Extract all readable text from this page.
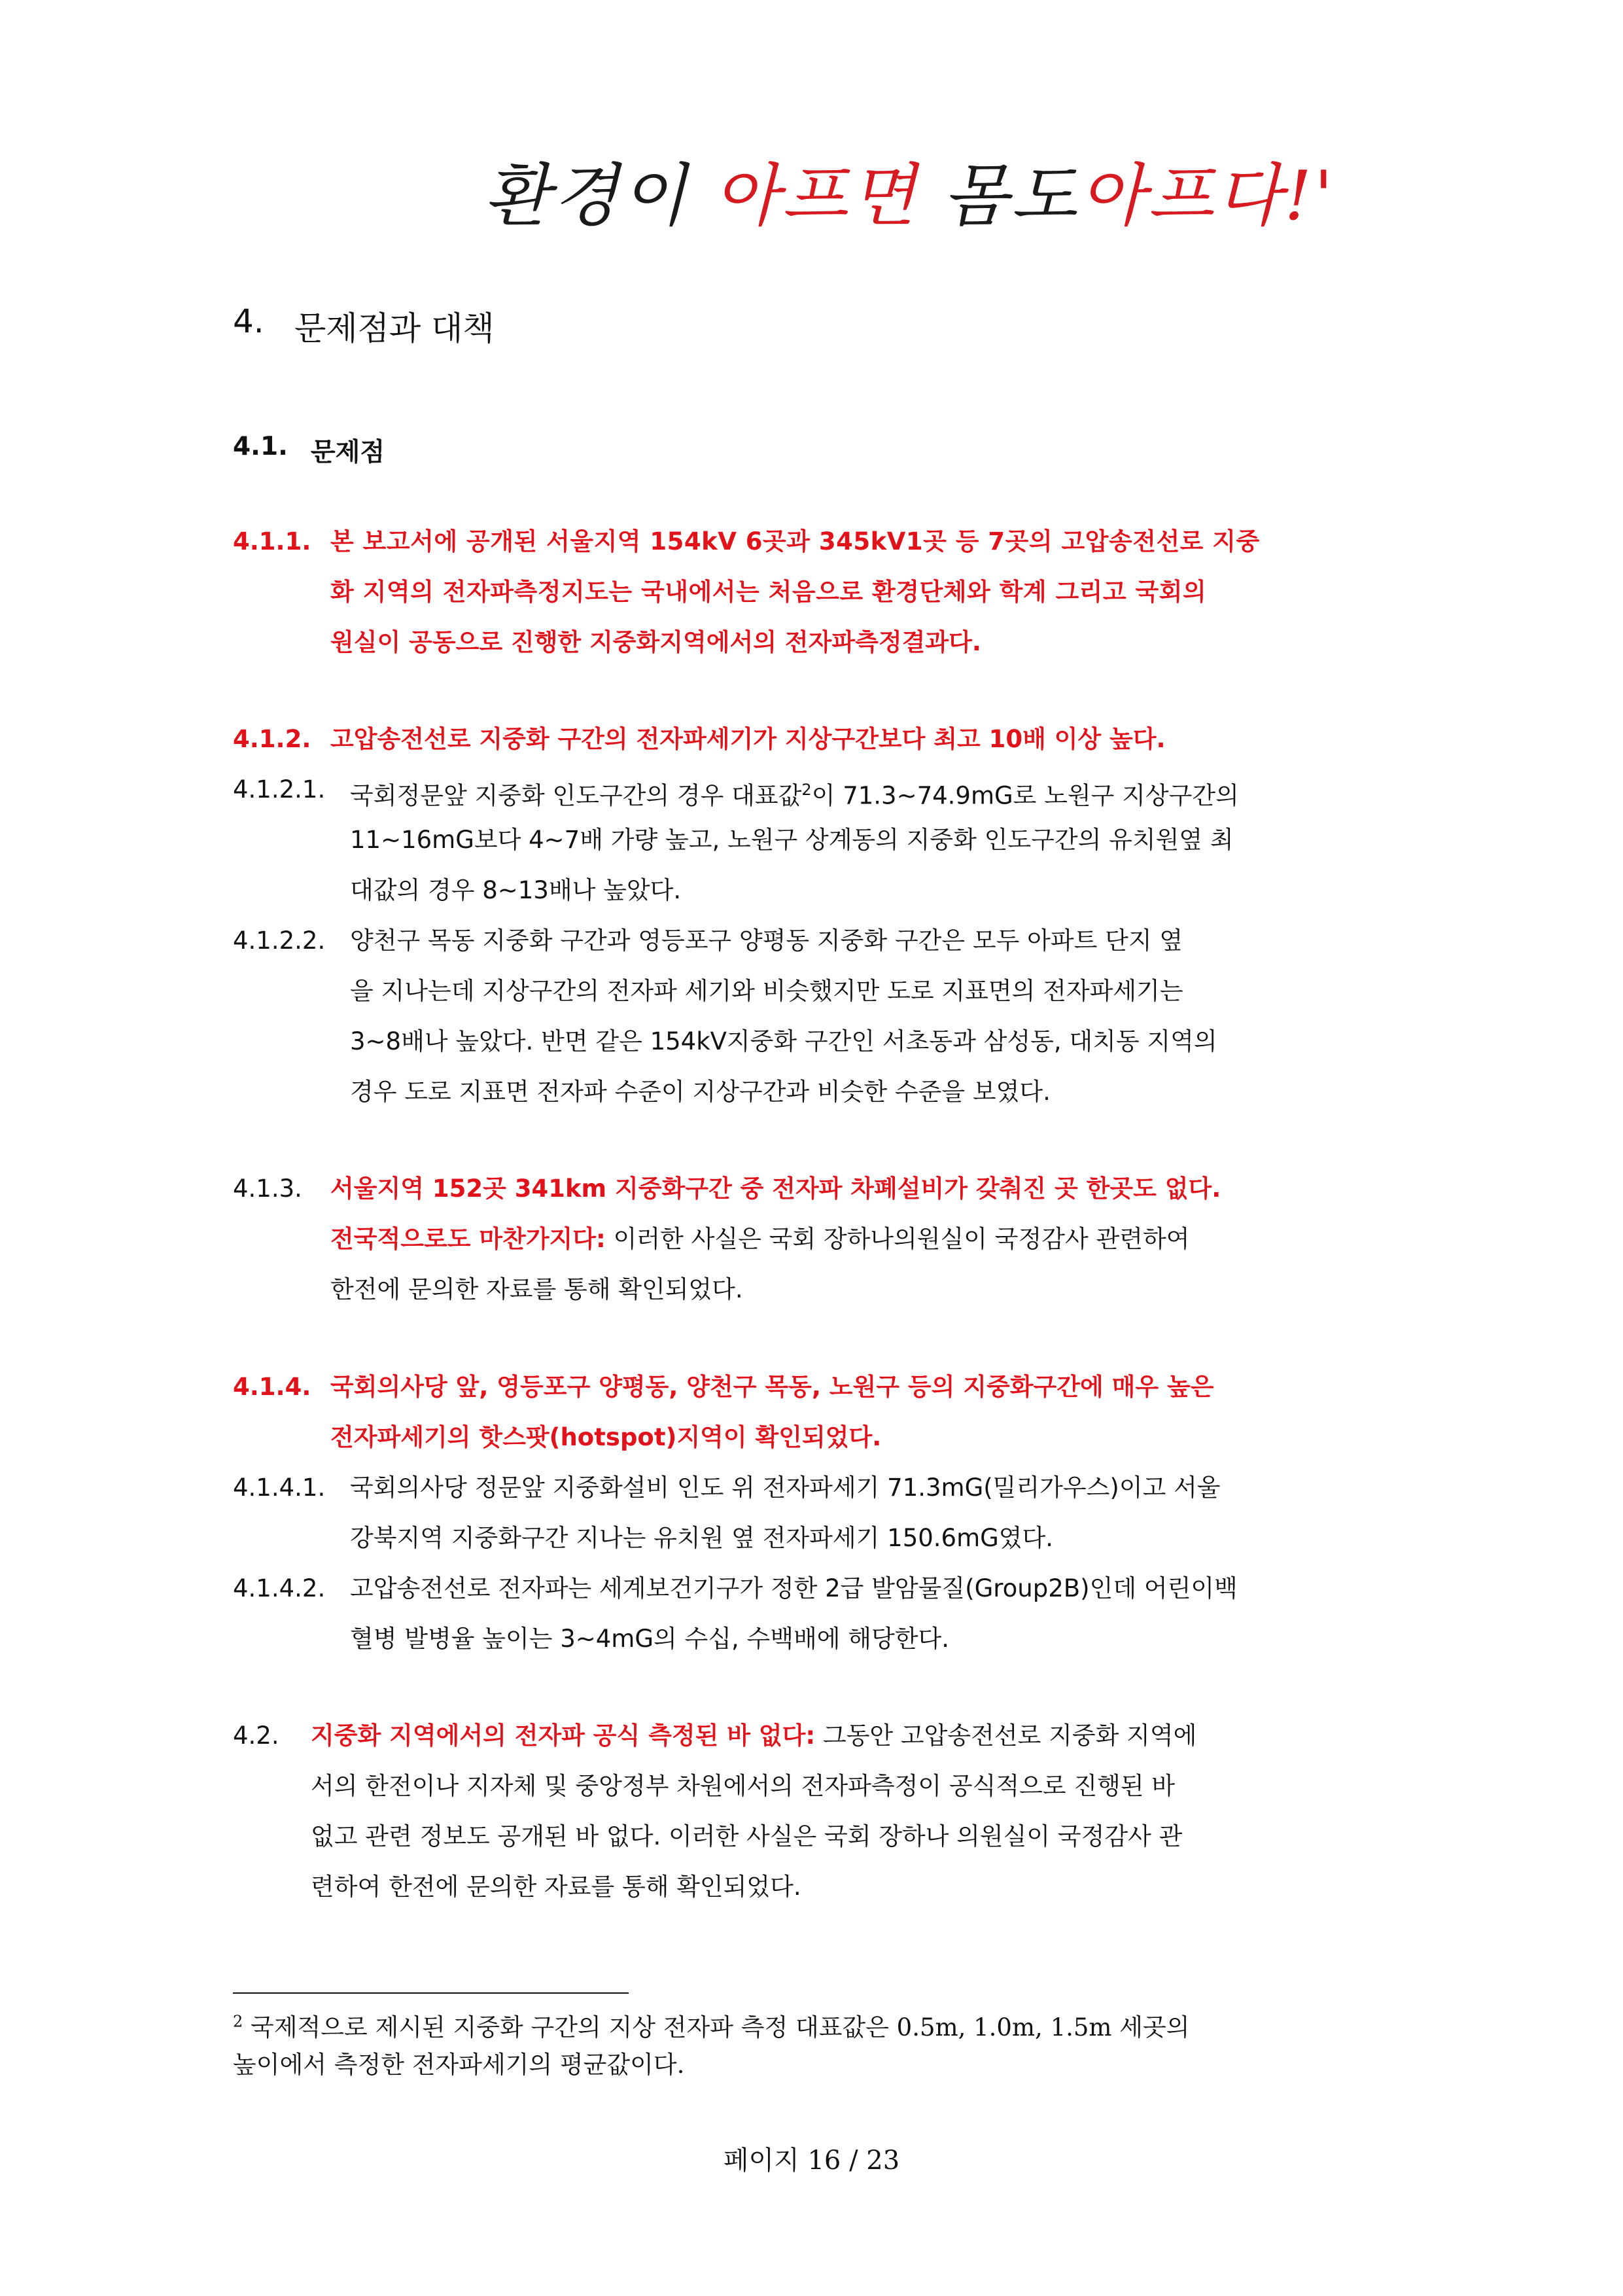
환경이 아프면 몸도아프다!'
4. 문제점과 대책
4.1. 문제점
4.1.1. 본 보고서에 공개된 서울지역 154kV 6곳과 345kV1곳 등 7곳의 고압송전선로 지중
화 지역의 전자파측정지도는 국내에서는 처음으로 환경단체와 학계 그리고 국회의
원실이 공동으로 진행한 지중화지역에서의 전자파측정결과다.
4.1.2. 고압송전선로 지중화 구간의 전자파세기가 지상구간보다 최고 10배 이상 높다.
4.1.2.1. 국회정문앞 지중화 인도구간의 경우 대표값$^2$이 71.3~74.9mG로 노원구 지상구간의
11~16mG보다 4~7배 가량 높고, 노원구 상계동의 지중화 인도구간의 유치원옆 최
대값의 경우 8~13배나 높았다.
4.1.2.2. 양천구 목동 지중화 구간과 영등포구 양평동 지중화 구간은 모두 아파트 단지 옆
을 지나는데 지상구간의 전자파 세기와 비슷했지만 도로 지표면의 전자파세기는
3~8배나 높았다. 반면 같은 154kV지중화 구간인 서초동과 삼성동, 대치동 지역의
경우 도로 지표면 전자파 수준이 지상구간과 비슷한 수준을 보였다.
4.1.3. 서울지역 152곳 341km 지중화구간 중 전자파 차폐설비가 갖춰진 곳 한곳도 없다.
전국적으로도 마찬가지다: 이러한 사실은 국회 장하나의원실이 국정감사 관련하여
한전에 문의한 자료를 통해 확인되었다.
4.1.4. 국회의사당 앞, 영등포구 양평동, 양천구 목동, 노원구 등의 지중화구간에 매우 높은
전자파세기의 핫스팟(hotspot)지역이 확인되었다.
4.1.4.1. 국회의사당 정문앞 지중화설비 인도 위 전자파세기 71.3mG(밀리가우스)이고 서울
강북지역 지중화구간 지나는 유치원 옆 전자파세기 150.6mG였다.
4.1.4.2. 고압송전선로 전자파는 세계보건기구가 정한 2급 발암물질(Group2B)인데 어린이백
혈병 발병율 높이는 3~4mG의 수십, 수백배에 해당한다.
4.2. 지중화 지역에서의 전자파 공식 측정된 바 없다: 그동안 고압송전선로 지중화 지역에
서의 한전이나 지자체 및 중앙정부 차원에서의 전자파측정이 공식적으로 진행된 바
없고 관련 정보도 공개된 바 없다. 이러한 사실은 국회 장하나 의원실이 국정감사 관
련하여 한전에 문의한 자료를 통해 확인되었다.
$^2$ 국제적으로 제시된 지중화 구간의 지상 전자파 측정 대표값은 0.5m, 1.0m, 1.5m 세곳의
높이에서 측정한 전자파세기의 평균값이다.
페이지 16 / 23
